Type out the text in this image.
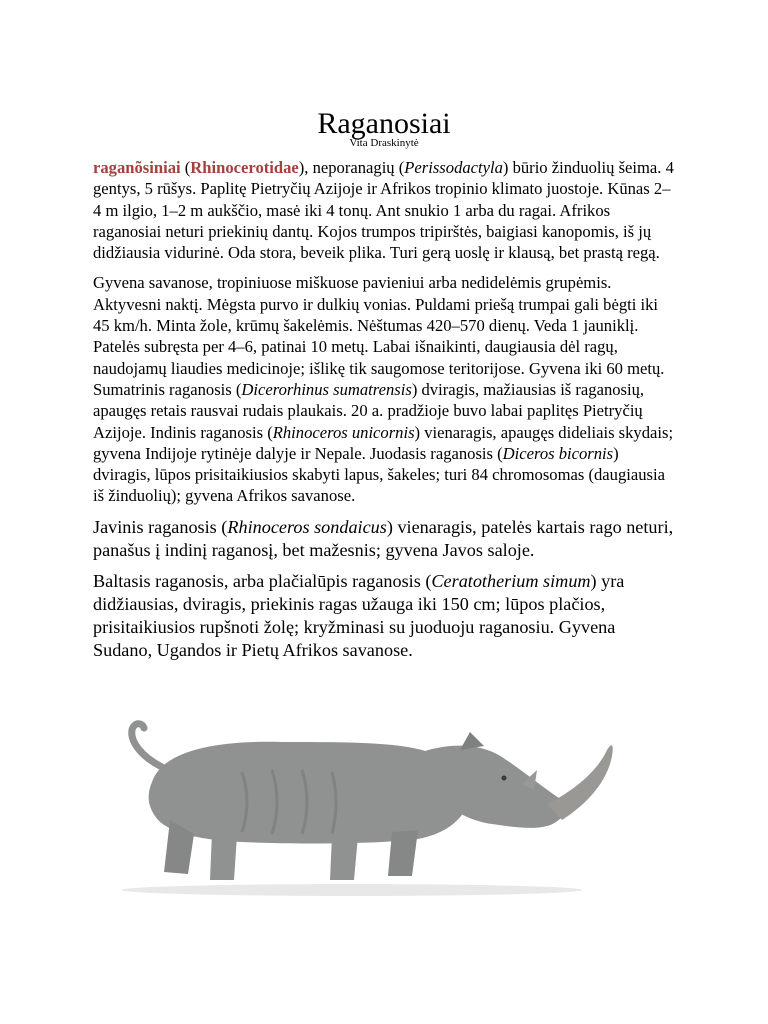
Raganosiai
Vita Draskinytė

raganõsiniai (Rhinocerotidae), neporanagių (Perissodactyla) būrio žinduolių šeima. 4 gentys, 5 rūšys. Paplitę Pietryčių Azijoje ir Afrikos tropinio klimato juostoje. Kūnas 2–4 m ilgio, 1–2 m aukščio, masė iki 4 tonų. Ant snukio 1 arba du ragai. Afrikos raganosiai neturi priekinių dantų. Kojos trumpos tripirštės, baigiasi kanopomis, iš jų didžiausia vidurinė. Oda stora, beveik plika. Turi gerą uoslę ir klausą, bet prastą regą.

Gyvena savanose, tropiniuose miškuose pavieniui arba nedidelėmis grupėmis. Aktyvesni naktį. Mėgsta purvo ir dulkių vonias. Puldami priešą trumpai gali bėgti iki 45 km/h. Minta žole, krūmų šakelėmis. Nėštumas 420–570 dienų. Veda 1 jauniklį. Patelės subręsta per 4–6, patinai 10 metų. Labai išnaikinti, daugiausia dėl ragų, naudojamų liaudies medicinoje; išlikę tik saugomose teritorijose. Gyvena iki 60 metų. Sumatrinis raganosis (Dicerorhinus sumatrensis) dviragis, mažiausias iš raganosių, apaugęs retais rausvai rudais plaukais. 20 a. pradžioje buvo labai paplitęs Pietryčių Azijoje. Indinis raganosis (Rhinoceros unicornis) vienaragis, apaugęs dideliais skydais; gyvena Indijoje rytinėje dalyje ir Nepale. Juodasis raganosis (Diceros bicornis) dviragis, lūpos prisitaikiusios skabyti lapus, šakeles; turi 84 chromosomas (daugiausia iš žinduolių); gyvena Afrikos savanose.

Javinis raganosis (Rhinoceros sondaicus) vienaragis, patelės kartais rago neturi, panašus į indinį raganosį, bet mažesnis; gyvena Javos saloje.

Baltasis raganosis, arba plačialūpis raganosis (Ceratotherium simum) yra didžiausias, dviragis, priekinis ragas užauga iki 150 cm; lūpos plačios, prisitaikiusios rupšnoti žolę; kryžminasi su juoduoju raganosiu. Gyvena Sudano, Ugandos ir Pietų Afrikos savanose.
